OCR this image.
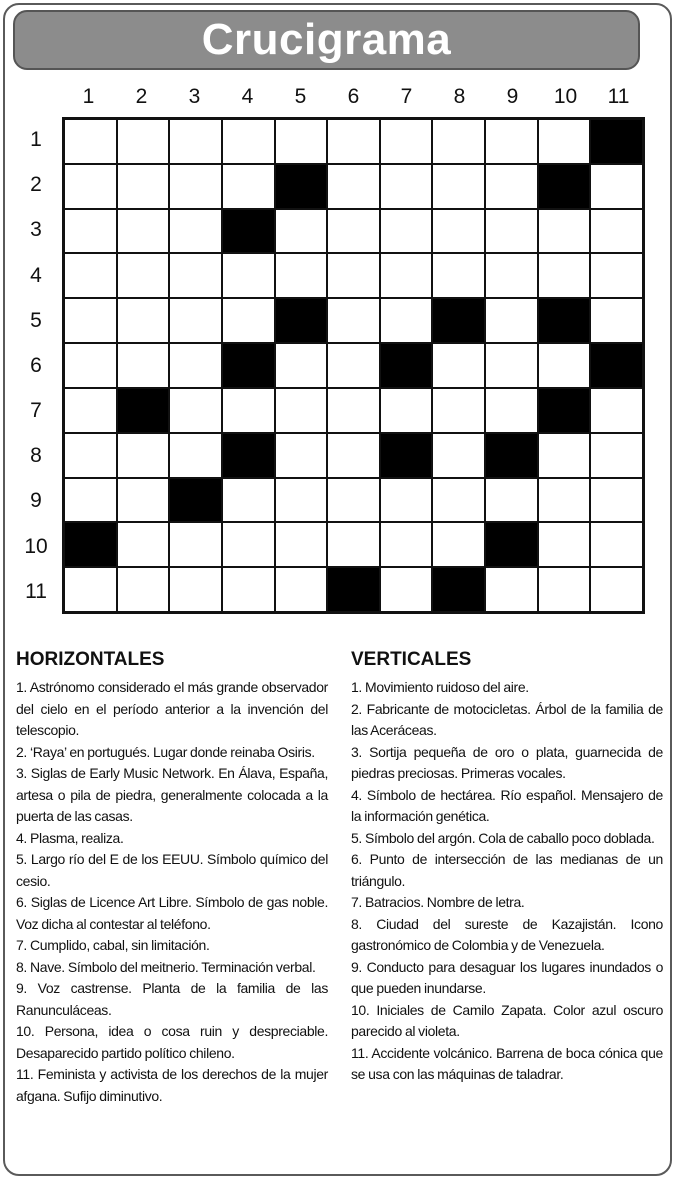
Crucigrama
1	2	3	4	5	6	7	8	9	10	11
1
2
3
4
5
6
7
8
9
10
11
HORIZONTALES
1. Astrónomo considerado el más grande observador del cielo en el período anterior a la invención del telescopio.
2. ‘Raya’ en portugués. Lugar donde reinaba Osiris.
3. Siglas de Early Music Network. En Álava, España, artesa o pila de piedra, generalmente colocada a la puerta de las casas.
4. Plasma, realiza.
5. Largo río del E de los EEUU. Símbolo químico del cesio.
6. Siglas de Licence Art Libre. Símbolo de gas noble. Voz dicha al contestar al teléfono.
7. Cumplido, cabal, sin limitación.
8. Nave. Símbolo del meitnerio. Terminación verbal.
9. Voz castrense. Planta de la familia de las Ranunculáceas.
10. Persona, idea o cosa ruin y despreciable. Desaparecido partido político chileno.
11. Feminista y activista de los derechos de la mujer afgana. Sufijo diminutivo.
VERTICALES
1. Movimiento ruidoso del aire.
2. Fabricante de motocicletas. Árbol de la familia de las Aceráceas.
3. Sortija pequeña de oro o plata, guarnecida de piedras preciosas. Primeras vocales.
4. Símbolo de hectárea. Río español. Mensajero de la información genética.
5. Símbolo del argón. Cola de caballo poco doblada.
6. Punto de intersección de las medianas de un triángulo.
7. Batracios. Nombre de letra.
8. Ciudad del sureste de Kazajistán. Icono gastronómico de Colombia y de Venezuela.
9. Conducto para desaguar los lugares inundados o que pueden inundarse.
10. Iniciales de Camilo Zapata. Color azul oscuro parecido al violeta.
11. Accidente volcánico. Barrena de boca cónica que se usa con las máquinas de taladrar.
